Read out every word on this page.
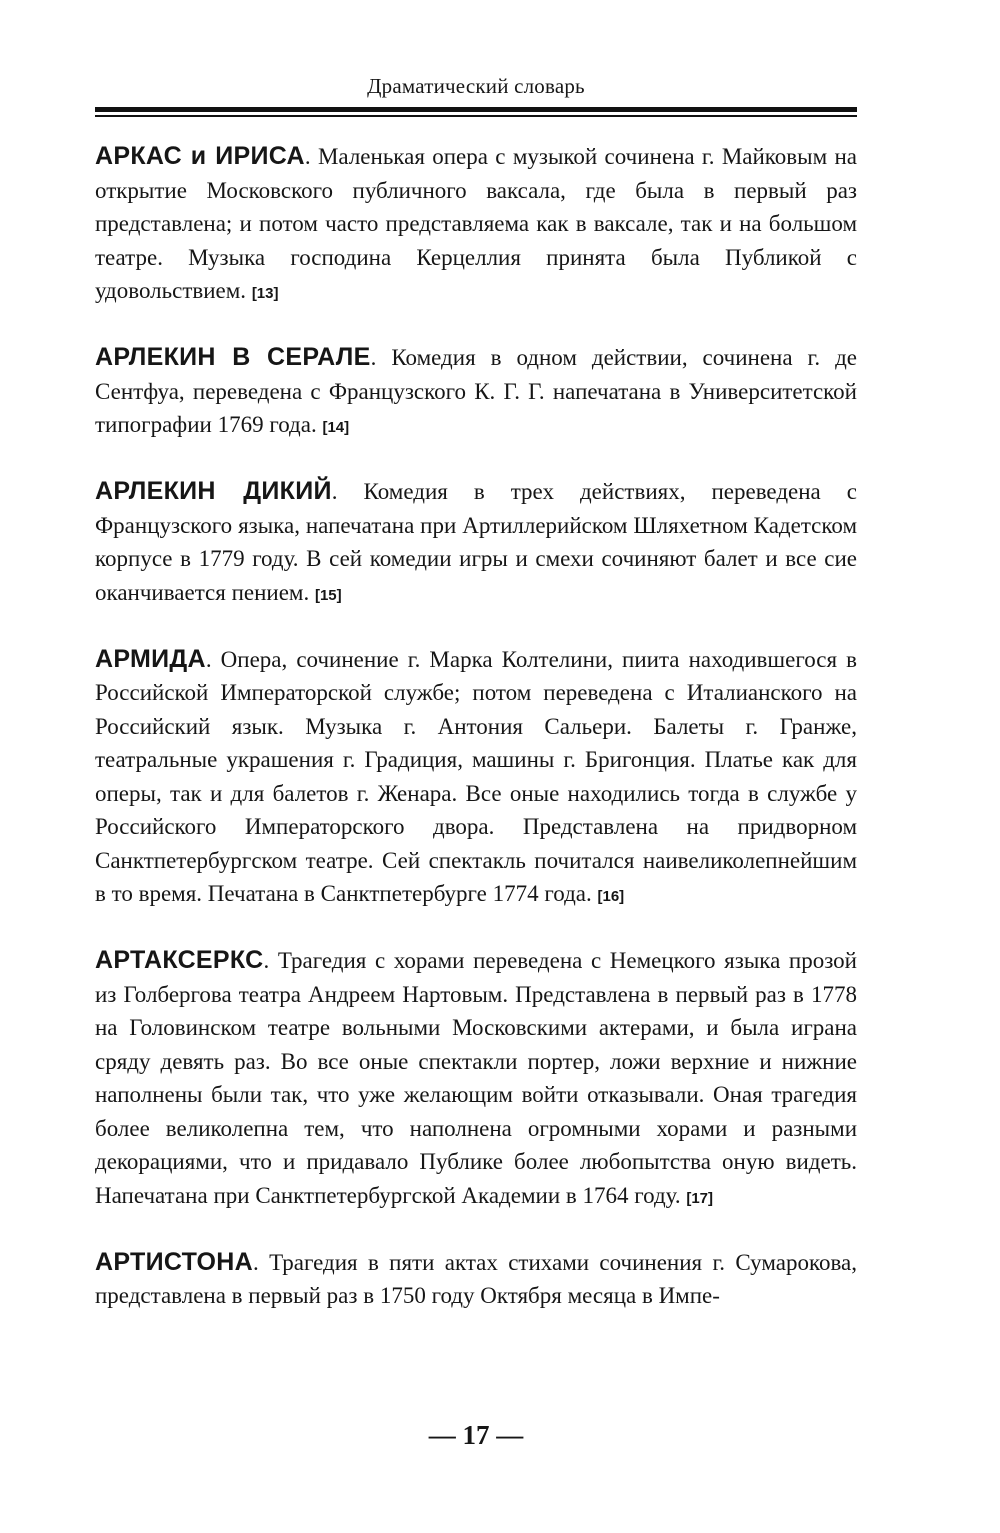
Драматический словарь

АРКАС и ИРИСА. Маленькая опера с музыкой сочинена г. Майковым на открытие Московского публичного ваксала, где была в первый раз представлена; и потом часто представляема как в ваксале, так и на большом театре. Музыка господина Керцеллия принята была Публикой с удовольствием. [13]

АРЛЕКИН В СЕРАЛЕ. Комедия в одном действии, сочинена г. де Сентфуа, переведена с Французского К. Г. Г. напечатана в Университетской типографии 1769 года. [14]

АРЛЕКИН ДИКИЙ. Комедия в трех действиях, переведена с Французского языка, напечатана при Артиллерийском Шляхетном Кадетском корпусе в 1779 году. В сей комедии игры и смехи сочиняют балет и все сие оканчивается пением. [15]

АРМИДА. Опера, сочинение г. Марка Колтелини, пиита находившегося в Российской Императорской службе; потом переведена с Италианского на Российский язык. Музыка г. Антония Сальери. Балеты г. Гранже, театральные украшения г. Градиция, машины г. Бригонция. Платье как для оперы, так и для балетов г. Женара. Все оные находились тогда в службе у Российского Императорского двора. Представлена на придворном Санктпетербургском театре. Сей спектакль почитался наивеликолепнейшим в то время. Печатана в Санктпетербурге 1774 года. [16]

АРТАКСЕРКС. Трагедия с хорами переведена с Немецкого языка прозой из Голбергова театра Андреем Нартовым. Представлена в первый раз в 1778 на Головинском театре вольными Московскими актерами, и была играна сряду девять раз. Во все оные спектакли портер, ложи верхние и нижние наполнены были так, что уже желающим войти отказывали. Оная трагедия более великолепна тем, что наполнена огромными хорами и разными декорациями, что и придавало Публике более любопытства оную видеть. Напечатана при Санктпетербургской Академии в 1764 году. [17]

АРТИСТОНА. Трагедия в пяти актах стихами сочинения г. Сумарокова, представлена в первый раз в 1750 году Октября месяца в Импе-

— 17 —
